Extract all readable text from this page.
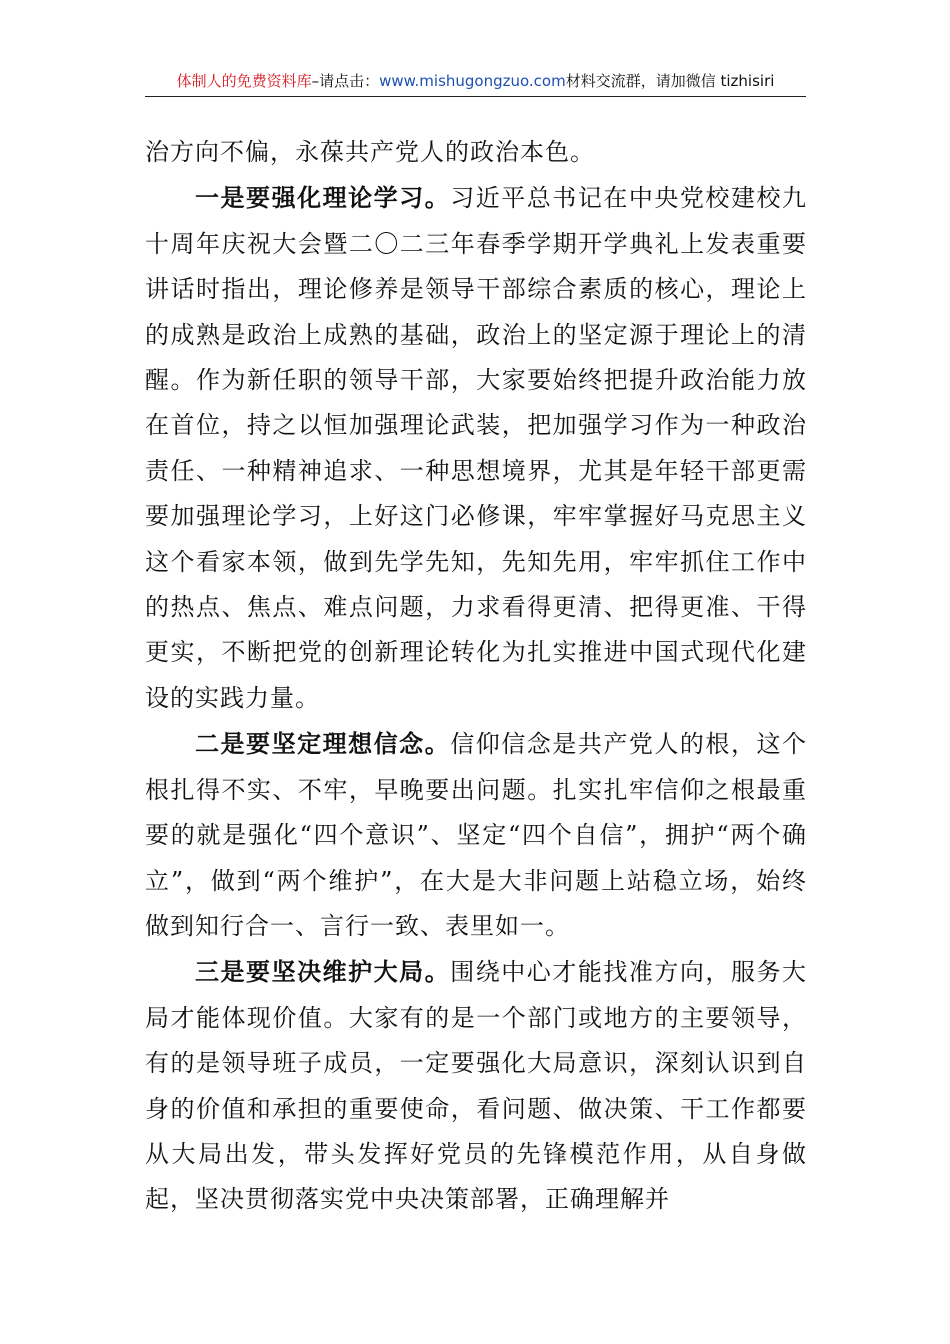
体制人的免费资料库–请点击：www.mishugongzuo.com材料交流群，请加微信 tizhisiri

治方向不偏，永葆共产党人的政治本色。

一是要强化理论学习。习近平总书记在中央党校建校九十周年庆祝大会暨二〇二三年春季学期开学典礼上发表重要讲话时指出，理论修养是领导干部综合素质的核心，理论上的成熟是政治上成熟的基础，政治上的坚定源于理论上的清醒。作为新任职的领导干部，大家要始终把提升政治能力放在首位，持之以恒加强理论武装，把加强学习作为一种政治责任、一种精神追求、一种思想境界，尤其是年轻干部更需要加强理论学习，上好这门必修课，牢牢掌握好马克思主义这个看家本领，做到先学先知，先知先用，牢牢抓住工作中的热点、焦点、难点问题，力求看得更清、把得更准、干得更实，不断把党的创新理论转化为扎实推进中国式现代化建设的实践力量。

二是要坚定理想信念。信仰信念是共产党人的根，这个根扎得不实、不牢，早晚要出问题。扎实扎牢信仰之根最重要的就是强化“四个意识”、坚定“四个自信”，拥护“两个确立”，做到“两个维护”，在大是大非问题上站稳立场，始终做到知行合一、言行一致、表里如一。

三是要坚决维护大局。围绕中心才能找准方向，服务大局才能体现价值。大家有的是一个部门或地方的主要领导，有的是领导班子成员，一定要强化大局意识，深刻认识到自身的价值和承担的重要使命，看问题、做决策、干工作都要从大局出发，带头发挥好党员的先锋模范作用，从自身做起，坚决贯彻落实党中央决策部署，正确理解并
